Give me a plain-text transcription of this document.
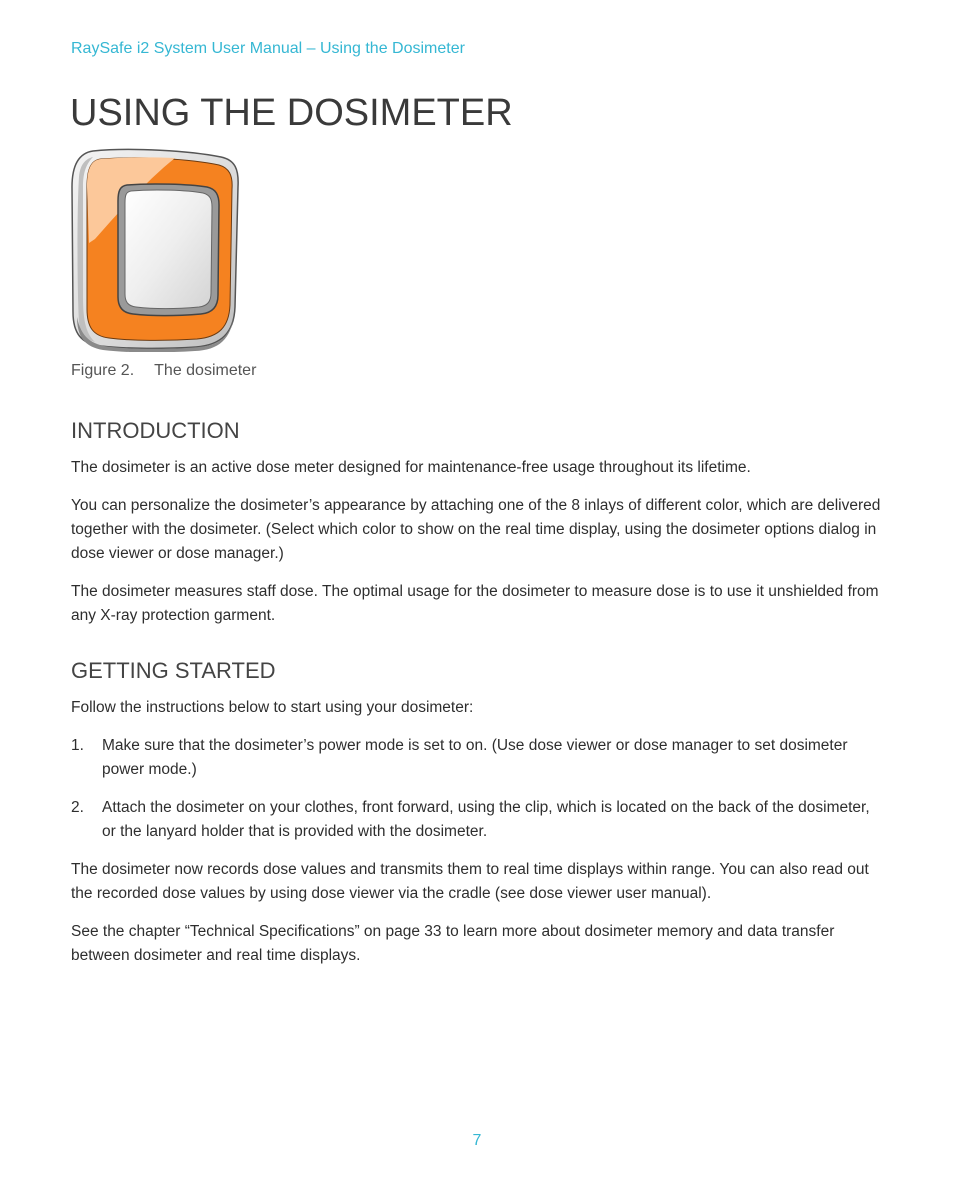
RaySafe i2 System User Manual – Using the Dosimeter
USING THE DOSIMETER
Figure 2. The dosimeter
INTRODUCTION

The dosimeter is an active dose meter designed for maintenance-free usage throughout its lifetime.

You can personalize the dosimeter’s appearance by attaching one of the 8 inlays of different color, which are delivered together with the dosimeter. (Select which color to show on the real time display, using the dosimeter options dialog in dose viewer or dose manager.)

The dosimeter measures staff dose. The optimal usage for the dosimeter to measure dose is to use it unshielded from any X-ray protection garment.

GETTING STARTED

Follow the instructions below to start using your dosimeter:

1. Make sure that the dosimeter’s power mode is set to on. (Use dose viewer or dose manager to set dosimeter power mode.)
2. Attach the dosimeter on your clothes, front forward, using the clip, which is located on the back of the dosimeter, or the lanyard holder that is provided with the dosimeter.

The dosimeter now records dose values and transmits them to real time displays within range. You can also read out the recorded dose values by using dose viewer via the cradle (see dose viewer user manual).

See the chapter “Technical Specifications” on page 33 to learn more about dosimeter memory and data transfer between dosimeter and real time displays.

7
